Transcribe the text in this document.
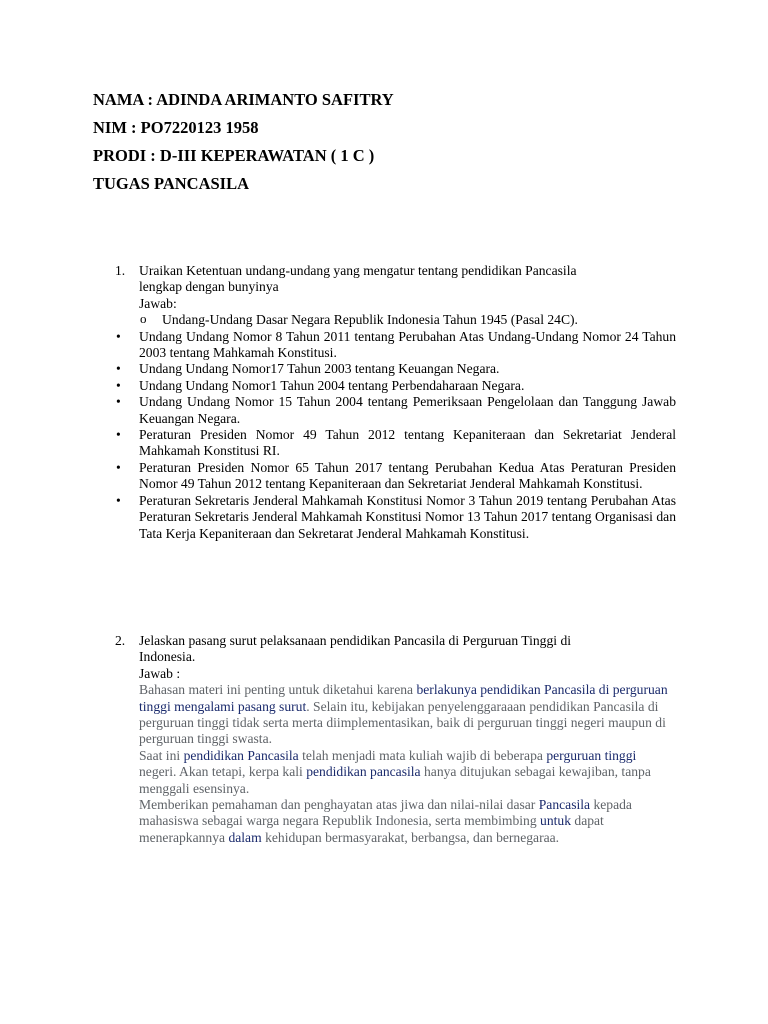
NAMA : ADINDA ARIMANTO SAFITRY
NIM : PO7220123 1958
PRODI : D-III KEPERAWATAN ( 1 C )
TUGAS PANCASILA
1. Uraikan Ketentuan undang-undang yang mengatur tentang pendidikan Pancasila
lengkap dengan bunyinya
Jawab:
o Undang-Undang Dasar Negara Republik Indonesia Tahun 1945 (Pasal 24C).
• Undang Undang Nomor 8 Tahun 2011 tentang Perubahan Atas Undang-Undang Nomor 24 Tahun 2003 tentang Mahkamah Konstitusi.
• Undang Undang Nomor17 Tahun 2003 tentang Keuangan Negara.
• Undang Undang Nomor1 Tahun 2004 tentang Perbendaharaan Negara.
• Undang Undang Nomor 15 Tahun 2004 tentang Pemeriksaan Pengelolaan dan Tanggung Jawab Keuangan Negara.
• Peraturan Presiden Nomor 49 Tahun 2012 tentang Kepaniteraan dan Sekretariat Jenderal Mahkamah Konstitusi RI.
• Peraturan Presiden Nomor 65 Tahun 2017 tentang Perubahan Kedua Atas Peraturan Presiden Nomor 49 Tahun 2012 tentang Kepaniteraan dan Sekretariat Jenderal Mahkamah Konstitusi.
• Peraturan Sekretaris Jenderal Mahkamah Konstitusi Nomor 3 Tahun 2019 tentang Perubahan Atas Peraturan Sekretaris Jenderal Mahkamah Konstitusi Nomor 13 Tahun 2017 tentang Organisasi dan Tata Kerja Kepaniteraan dan Sekretarat Jenderal Mahkamah Konstitusi.
2. Jelaskan pasang surut pelaksanaan pendidikan Pancasila di Perguruan Tinggi di
Indonesia.
Jawab :
Bahasan materi ini penting untuk diketahui karena berlakunya pendidikan Pancasila di perguruan tinggi mengalami pasang surut. Selain itu, kebijakan penyelenggaraaan pendidikan Pancasila di perguruan tinggi tidak serta merta diimplementasikan, baik di perguruan tinggi negeri maupun di perguruan tinggi swasta.
Saat ini pendidikan Pancasila telah menjadi mata kuliah wajib di beberapa perguruan tinggi negeri. Akan tetapi, kerpa kali pendidikan pancasila hanya ditujukan sebagai kewajiban, tanpa menggali esensinya.
Memberikan pemahaman dan penghayatan atas jiwa dan nilai-nilai dasar Pancasila kepada mahasiswa sebagai warga negara Republik Indonesia, serta membimbing untuk dapat menerapkannya dalam kehidupan bermasyarakat, berbangsa, dan bernegaraa.
